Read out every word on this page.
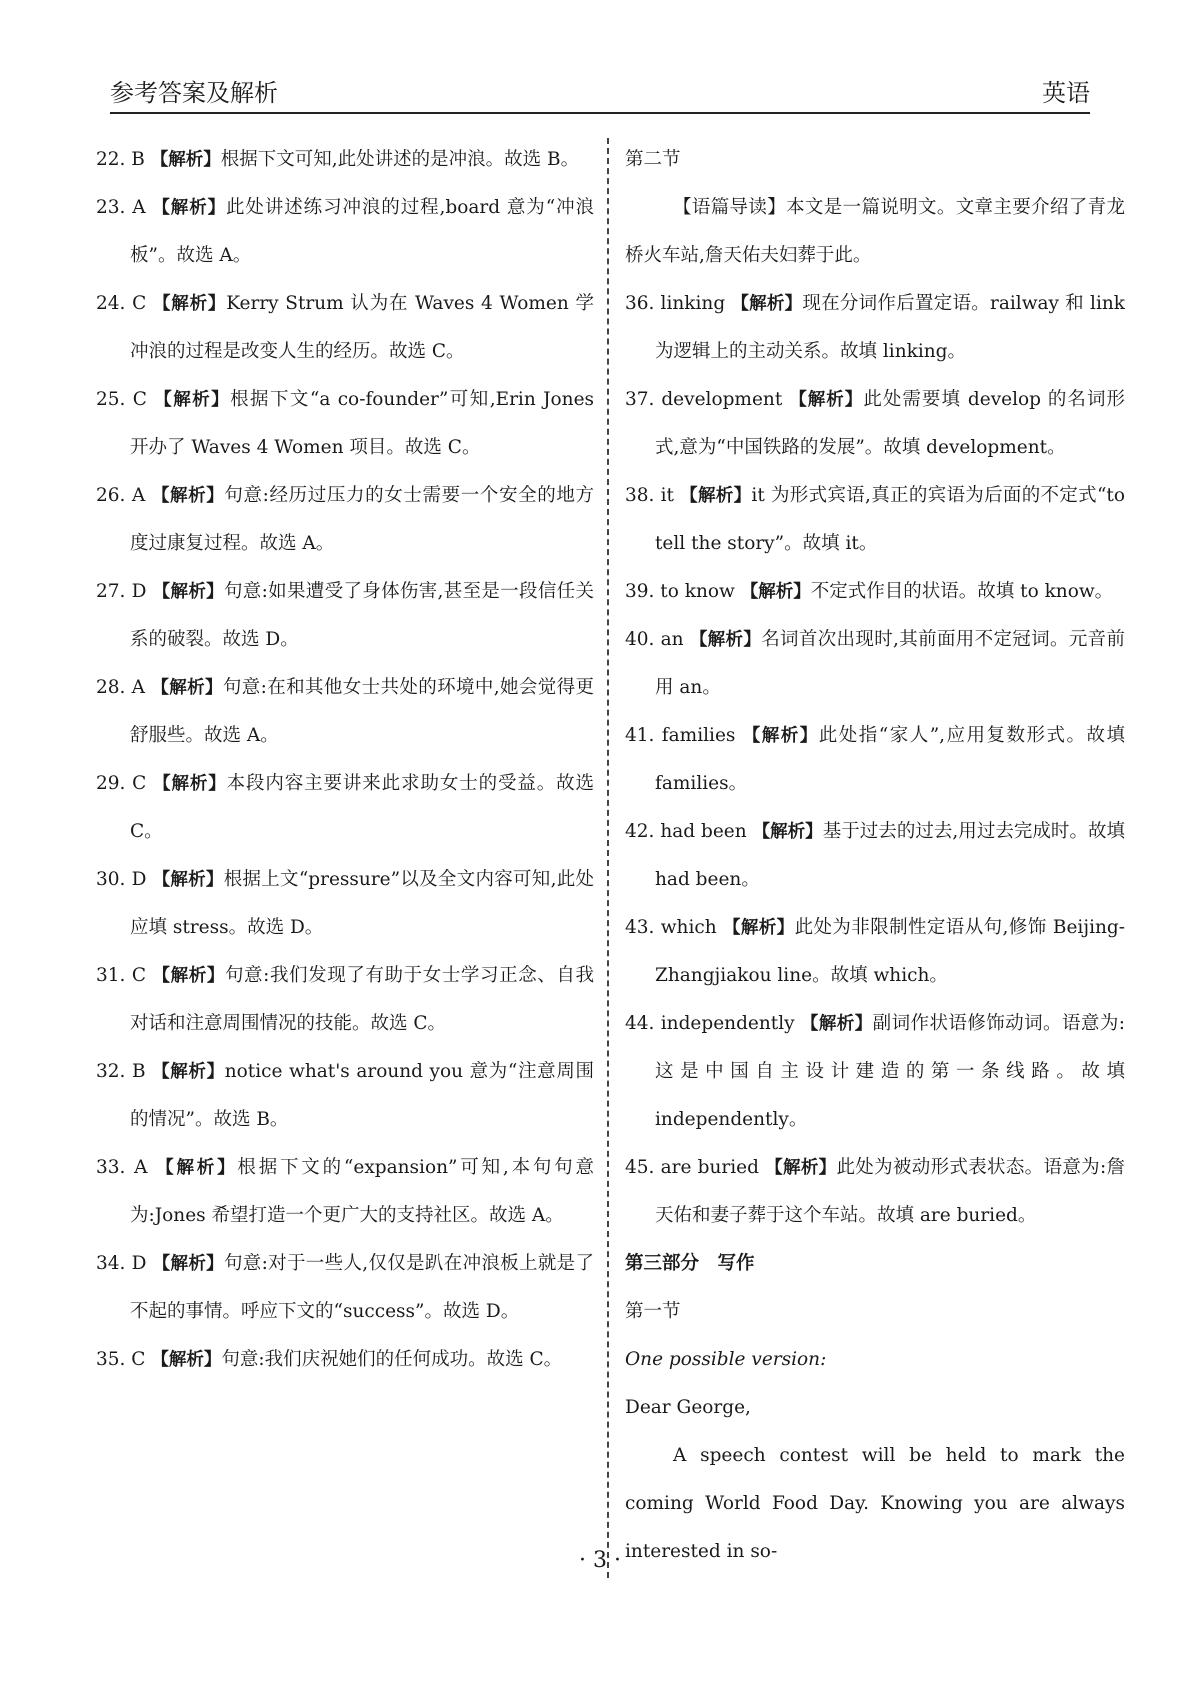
参考答案及解析	英语
22. B 【解析】根据下文可知,此处讲述的是冲浪。故选 B。
23. A 【解析】此处讲述练习冲浪的过程,board 意为“冲浪板”。故选 A。
24. C 【解析】Kerry Strum 认为在 Waves 4 Women 学冲浪的过程是改变人生的经历。故选 C。
25. C 【解析】根据下文“a co-founder”可知,Erin Jones 开办了 Waves 4 Women 项目。故选 C。
26. A 【解析】句意:经历过压力的女士需要一个安全的地方度过康复过程。故选 A。
27. D 【解析】句意:如果遭受了身体伤害,甚至是一段信任关系的破裂。故选 D。
28. A 【解析】句意:在和其他女士共处的环境中,她会觉得更舒服些。故选 A。
29. C 【解析】本段内容主要讲来此求助女士的受益。故选 C。
30. D 【解析】根据上文“pressure”以及全文内容可知,此处应填 stress。故选 D。
31. C 【解析】句意:我们发现了有助于女士学习正念、自我对话和注意周围情况的技能。故选 C。
32. B 【解析】notice what's around you 意为“注意周围的情况”。故选 B。
33. A 【解析】根据下文的“expansion”可知,本句句意为:Jones 希望打造一个更广大的支持社区。故选 A。
34. D 【解析】句意:对于一些人,仅仅是趴在冲浪板上就是了不起的事情。呼应下文的“success”。故选 D。
35. C 【解析】句意:我们庆祝她们的任何成功。故选 C。
第二节
【语篇导读】本文是一篇说明文。文章主要介绍了青龙桥火车站,詹天佑夫妇葬于此。
36. linking 【解析】现在分词作后置定语。railway 和 link 为逻辑上的主动关系。故填 linking。
37. development 【解析】此处需要填 develop 的名词形式,意为“中国铁路的发展”。故填 development。
38. it 【解析】it 为形式宾语,真正的宾语为后面的不定式“to tell the story”。故填 it。
39. to know 【解析】不定式作目的状语。故填 to know。
40. an 【解析】名词首次出现时,其前面用不定冠词。元音前用 an。
41. families 【解析】此处指“家人”,应用复数形式。故填 families。
42. had been 【解析】基于过去的过去,用过去完成时。故填 had been。
43. which 【解析】此处为非限制性定语从句,修饰 Beijing-Zhangjiakou line。故填 which。
44. independently 【解析】副词作状语修饰动词。语意为:这是中国自主设计建造的第一条线路。故填 independently。
45. are buried 【解析】此处为被动形式表状态。语意为:詹天佑和妻子葬于这个车站。故填 are buried。
第三部分　写作
第一节
One possible version:
Dear George,
A speech contest will be held to mark the coming World Food Day. Knowing you are always interested in so-
· 3 ·
